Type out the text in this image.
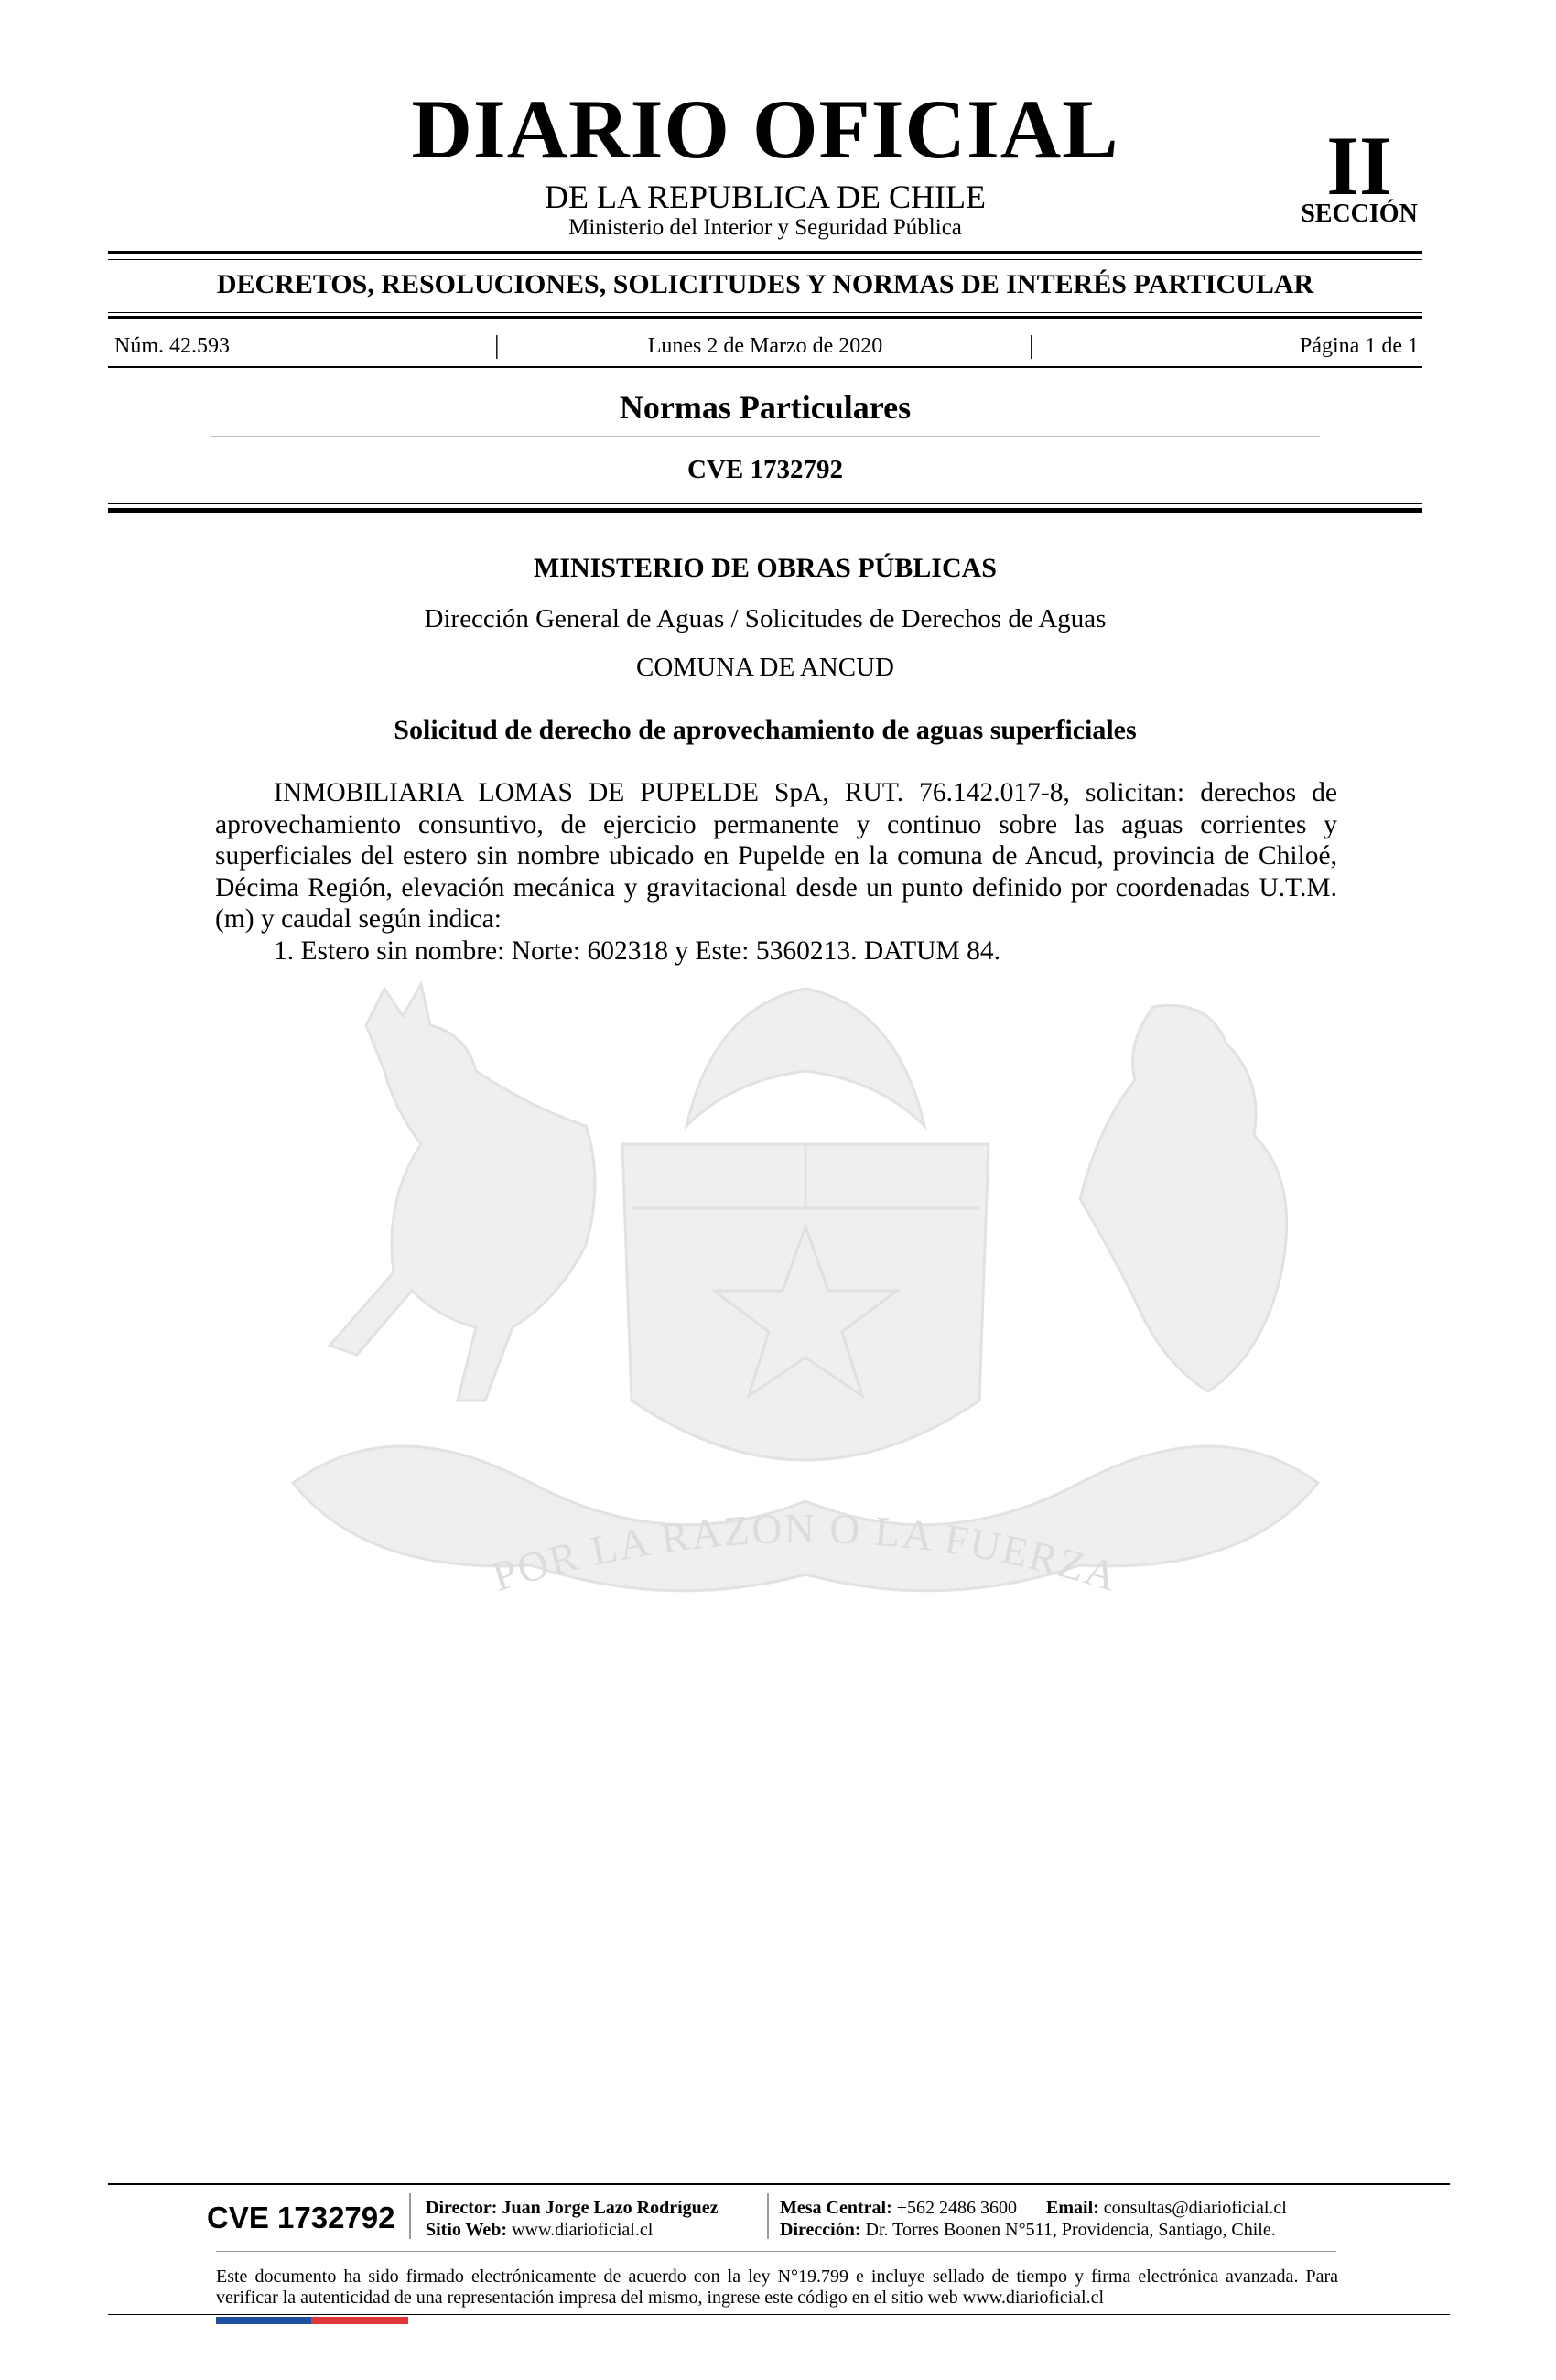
DIARIO OFICIAL
DE LA REPUBLICA DE CHILE
Ministerio del Interior y Seguridad Pública
II
SECCIÓN
DECRETOS, RESOLUCIONES, SOLICITUDES Y NORMAS DE INTERÉS PARTICULAR
Núm. 42.593	|	Lunes 2 de Marzo de 2020	|	Página 1 de 1
Normas Particulares
CVE 1732792
POR LA RAZON O LA FUERZA
MINISTERIO DE OBRAS PÚBLICAS
Dirección General de Aguas / Solicitudes de Derechos de Aguas
COMUNA DE ANCUD
Solicitud de derecho de aprovechamiento de aguas superficiales

INMOBILIARIA LOMAS DE PUPELDE SpA, RUT. 76.142.017-8, solicitan: derechos de aprovechamiento consuntivo, de ejercicio permanente y continuo sobre las aguas corrientes y superficiales del estero sin nombre ubicado en Pupelde en la comuna de Ancud, provincia de Chiloé, Décima Región, elevación mecánica y gravitacional desde un punto definido por coordenadas U.T.M. (m) y caudal según indica:

1. Estero sin nombre: Norte: 602318 y Este: 5360213. DATUM 84.

CVE 1732792 Director: Juan Jorge Lazo Rodríguez
Sitio Web: www.diarioficial.cl
Mesa Central: +562 2486 3600 Email: consultas@diarioficial.cl
Dirección: Dr. Torres Boonen N°511, Providencia, Santiago, Chile.
Este documento ha sido firmado electrónicamente de acuerdo con la ley N°19.799 e incluye sellado de tiempo y firma electrónica avanzada. Para verificar la autenticidad de una representación impresa del mismo, ingrese este código en el sitio web www.diarioficial.cl
